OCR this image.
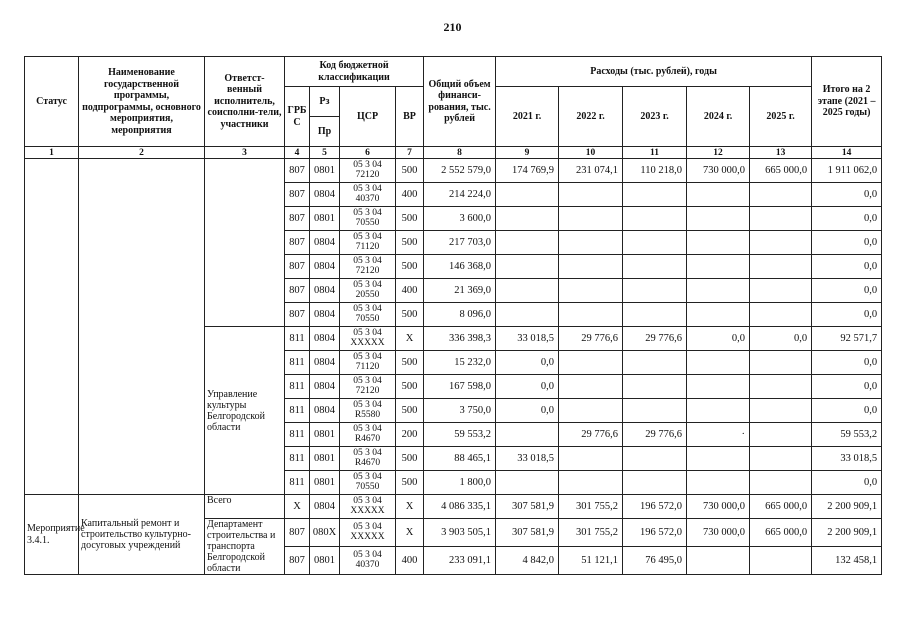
210
Статус	Наименование государственной программы, подпрограммы, основного мероприятия, мероприятия	Ответст-венный исполнитель, соисполни-тели, участники	Код бюджетной классификации				Общий объем финанси-рования, тыс. рублей	Расходы (тыс. рублей), годы					Итого на 2 этапе (2021 – 2025 годы)
			ГРБ С	Рз	ЦСР	ВР		2021 г.	2022 г.	2023 г.	2024 г.	2025 г.	
				Пр									
1	2	3	4	5	6	7	8	9	10	11	12	13	14
			807	0801	05 3 04 72120	500	2 552 579,0	174 769,9	231 074,1	110 218,0	730 000,0	665 000,0	1 911 062,0
			807	0804	05 3 04 40370	400	214 224,0						0,0
			807	0801	05 3 04 70550	500	3 600,0						0,0
			807	0804	05 3 04 71120	500	217 703,0						0,0
			807	0804	05 3 04 72120	500	146 368,0						0,0
			807	0804	05 3 04 20550	400	21 369,0						0,0
			807	0804	05 3 04 70550	500	8 096,0						0,0
		Управление культуры Белгородской области	811	0804	05 3 04 XXXXX	X	336 398,3	33 018,5	29 776,6	29 776,6	0,0	0,0	92 571,7
			811	0804	05 3 04 71120	500	15 232,0	0,0					0,0
			811	0804	05 3 04 72120	500	167 598,0	0,0					0,0
			811	0804	05 3 04 R5580	500	3 750,0	0,0					0,0
			811	0801	05 3 04 R4670	200	59 553,2		29 776,6	29 776,6	·		59 553,2
			811	0801	05 3 04 R4670	500	88 465,1	33 018,5					33 018,5
			811	0801	05 3 04 70550	500	1 800,0						0,0
Мероприятие 3.4.1.	Капитальный ремонт и строительство культурно-досуговых учреждений	Всего	X	0804	05 3 04 XXXXX	X	4 086 335,1	307 581,9	301 755,2	196 572,0	730 000,0	665 000,0	2 200 909,1
		Департамент строительства и транспорта Белгородской области	807	080X	05 3 04 XXXXX	X	3 903 505,1	307 581,9	301 755,2	196 572,0	730 000,0	665 000,0	2 200 909,1
			807	0801	05 3 04 40370	400	233 091,1	4 842,0	51 121,1	76 495,0			132 458,1
